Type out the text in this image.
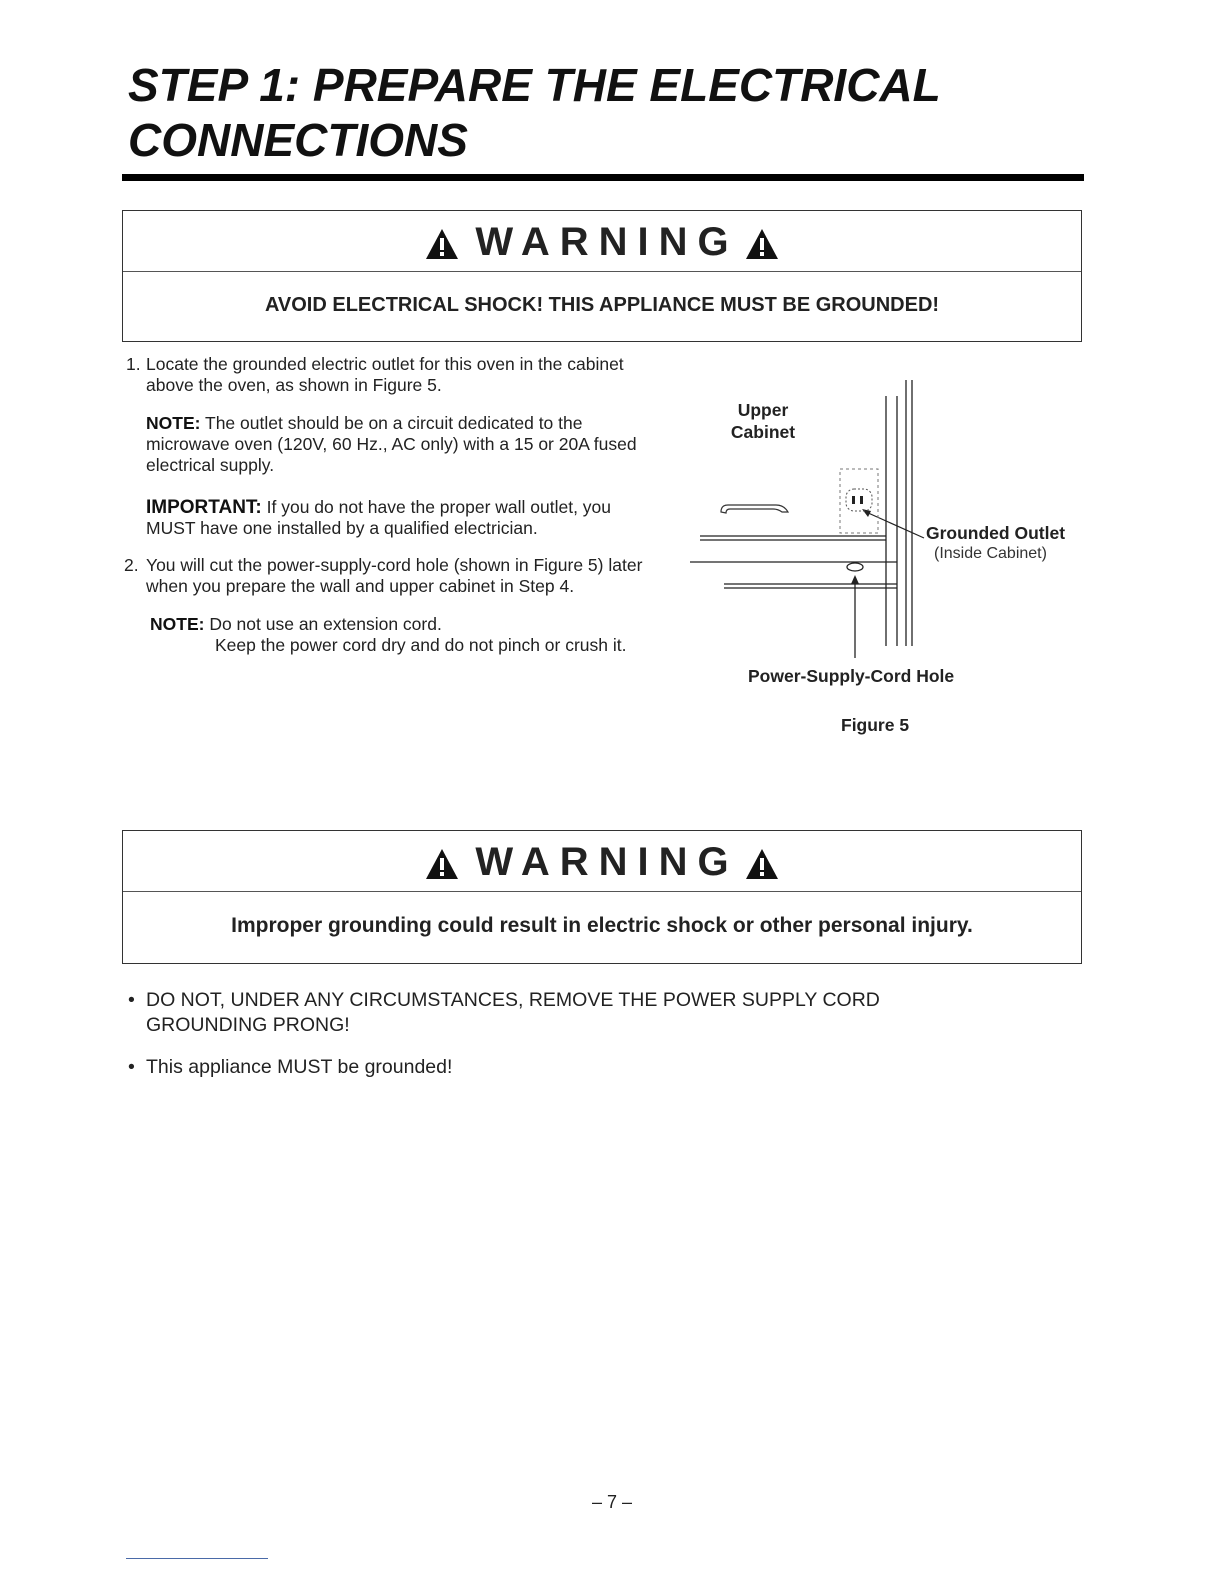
STEP 1: PREPARE THE ELECTRICAL CONNECTIONS
WARNING
AVOID ELECTRICAL SHOCK! THIS APPLIANCE MUST BE GROUNDED!
1. Locate the grounded electric outlet for this oven in the cabinet above the oven, as shown in Figure 5.
NOTE: The outlet should be on a circuit dedicated to the microwave oven (120V, 60 Hz., AC only) with a 15 or 20A fused electrical supply.
IMPORTANT: If you do not have the proper wall outlet, you MUST have one installed by a qualified electrician.
2. You will cut the power-supply-cord hole (shown in Figure 5) later when you prepare the wall and upper cabinet in Step 4.
NOTE: Do not use an extension cord.
Keep the power cord dry and do not pinch or crush it.
Upper Cabinet
Grounded Outlet
(Inside Cabinet)
Power-Supply-Cord Hole
Figure 5
WARNING
Improper grounding could result in electric shock or other personal injury.
• DO NOT, UNDER ANY CIRCUMSTANCES, REMOVE THE POWER SUPPLY CORD GROUNDING PRONG!
• This appliance MUST be grounded!
– 7 –
